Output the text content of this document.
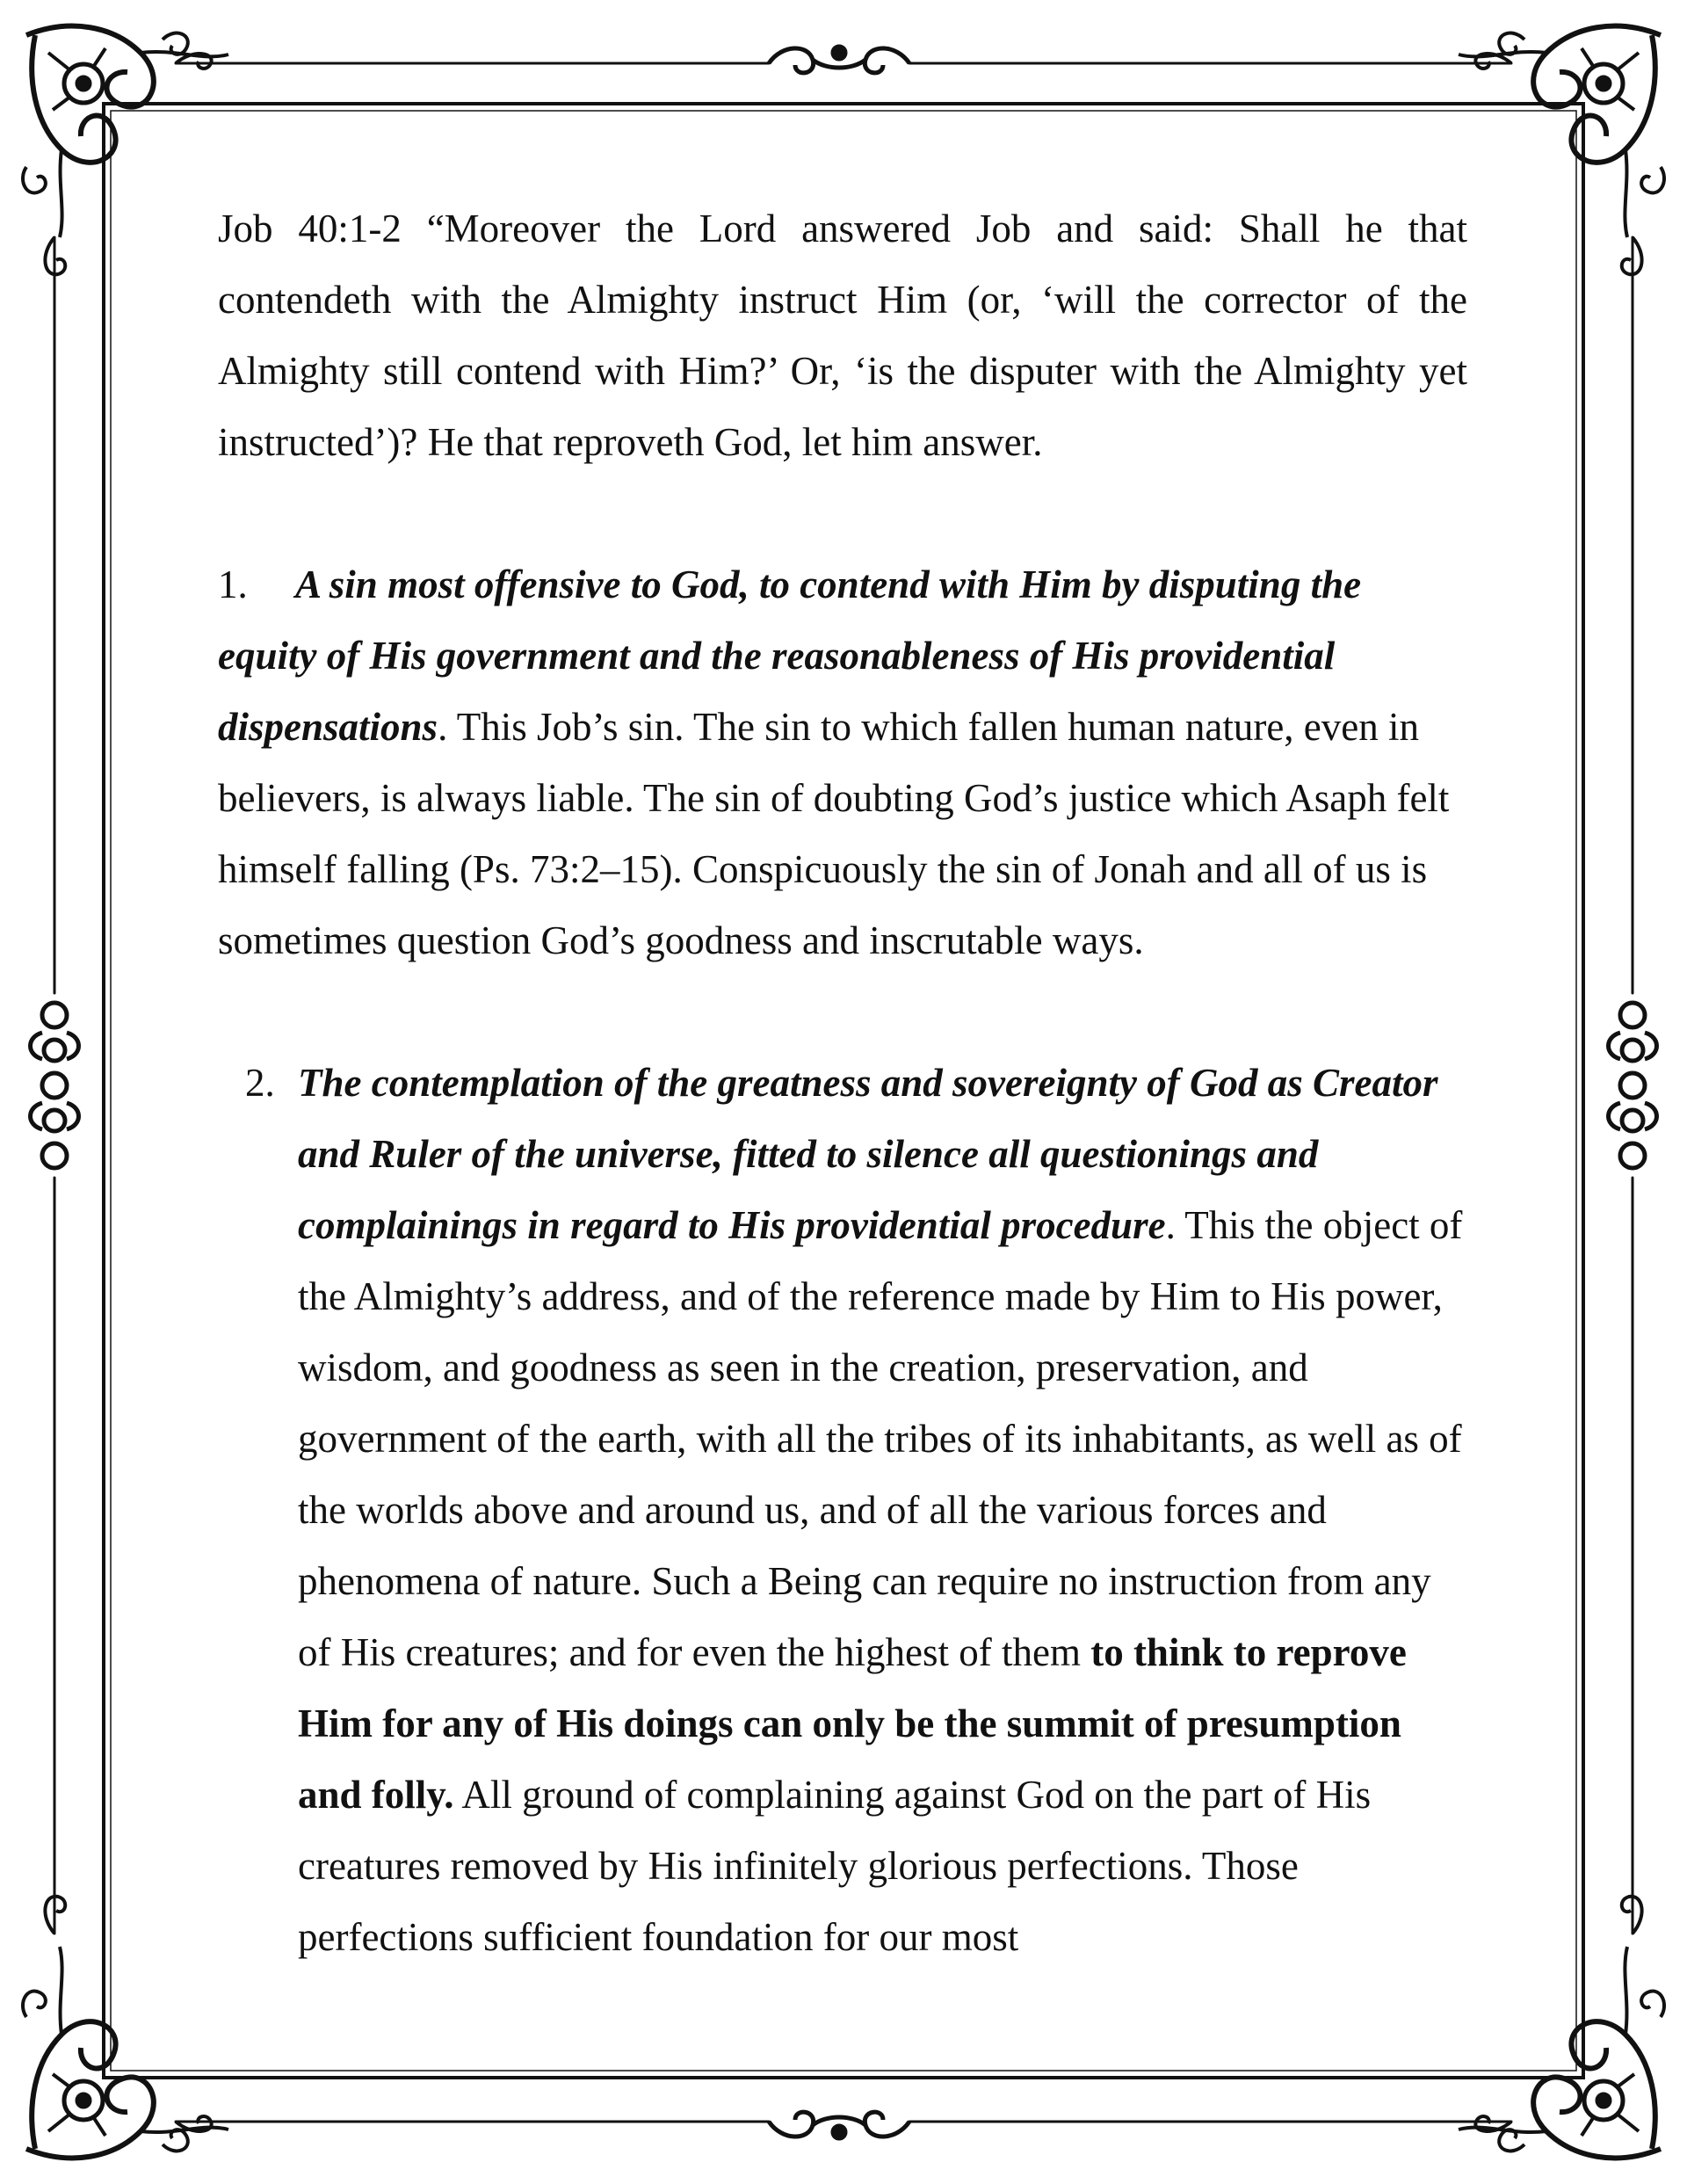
Job 40:1-2 “Moreover the Lord answered Job and said: Shall he that contendeth with the Almighty instruct Him (or, ‘will the corrector of the Almighty still contend with Him?’ Or, ‘is the disputer with the Almighty yet instructed’)? He that reproveth God, let him answer.

1. A sin most offensive to God, to contend with Him by disputing the equity of His government and the reasonableness of His providential dispensations. This Job’s sin. The sin to which fallen human nature, even in believers, is always liable. The sin of doubting God’s justice which Asaph felt himself falling (Ps. 73:2–15). Conspicuously the sin of Jonah and all of us is sometimes question God’s goodness and inscrutable ways.

2. The contemplation of the greatness and sovereignty of God as Creator and Ruler of the universe, fitted to silence all questionings and complainings in regard to His providential procedure. This the object of the Almighty’s address, and of the reference made by Him to His power, wisdom, and goodness as seen in the creation, preservation, and government of the earth, with all the tribes of its inhabitants, as well as of the worlds above and around us, and of all the various forces and phenomena of nature. Such a Being can require no instruction from any of His creatures; and for even the highest of them to think to reprove Him for any of His doings can only be the summit of presumption and folly. All ground of complaining against God on the part of His creatures removed by His infinitely glorious perfections. Those perfections sufficient foundation for our most
